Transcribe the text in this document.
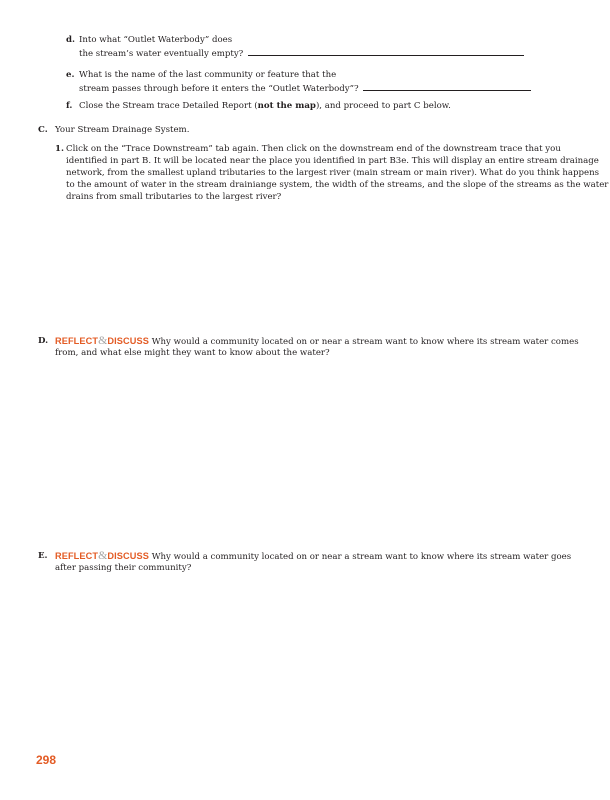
d. Into what “Outlet Waterbody” does
the stream’s water eventually empty?
e. What is the name of the last community or feature that the
stream passes through before it enters the “Outlet Waterbody”?
f. Close the Stream trace Detailed Report (not the map), and proceed to part C below.
C. Your Stream Drainage System.
1. Click on the “Trace Downstream” tab again. Then click on the downstream end of the downstream trace that you
identified in part B. It will be located near the place you identified in part B3e. This will display an entire stream drainage
network, from the smallest upland tributaries to the largest river (main stream or main river). What do you think happens
to the amount of water in the stream drainiange system, the width of the streams, and the slope of the streams as the water
drains from small tributaries to the largest river?
D. REFLECT&DISCUSS Why would a community located on or near a stream want to know where its stream water comes
from, and what else might they want to know about the water?
E. REFLECT&DISCUSS Why would a community located on or near a stream want to know where its stream water goes
after passing their community?
298
